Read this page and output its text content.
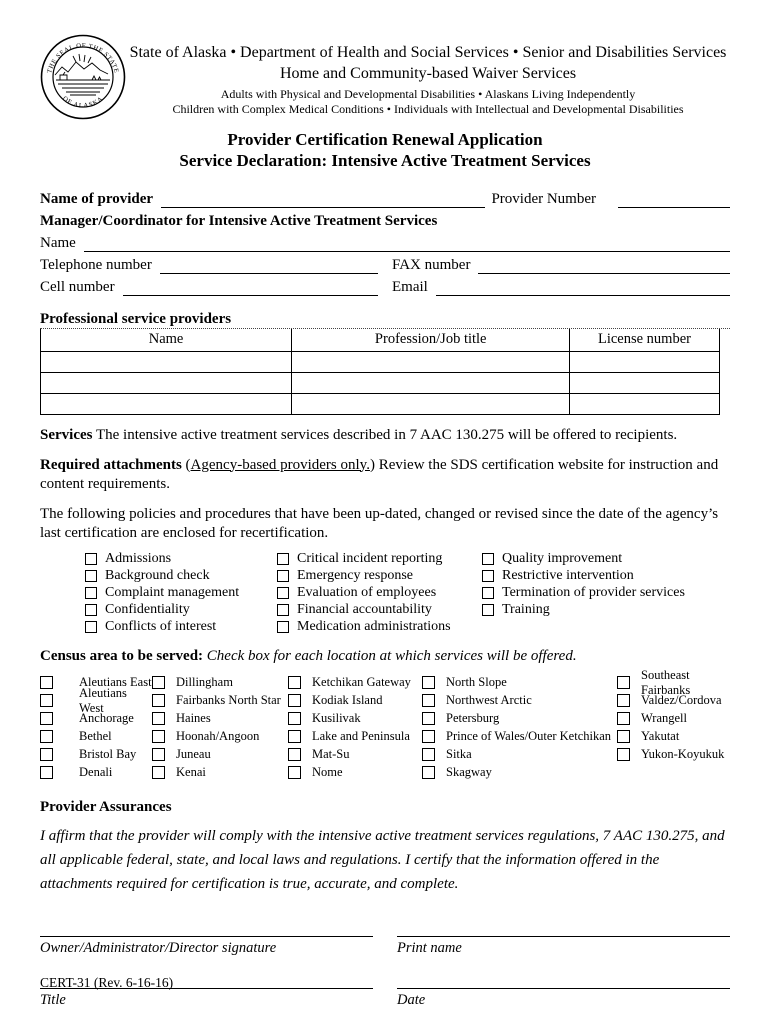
THE SEAL OF THE STATE
OF ALASKA
State of Alaska • Department of Health and Social Services • Senior and Disabilities Services
Home and Community-based Waiver Services
Adults with Physical and Developmental Disabilities • Alaskans Living Independently
Children with Complex Medical Conditions • Individuals with Intellectual and Developmental Disabilities
Provider Certification Renewal Application
Service Declaration: Intensive Active Treatment Services
Name of provider	Provider Number
Manager/Coordinator for Intensive Active Treatment Services
Name
Telephone number	FAX number
Cell number	Email
Professional service providers
Name	Profession/Job title	License number

Services The intensive active treatment services described in 7 AAC 130.275 will be offered to recipients.
Required attachments (Agency-based providers only.) Review the SDS certification website for instruction and content requirements.
The following policies and procedures that have been up-dated, changed or revised since the date of the agency’s last certification are enclosed for recertification.
Admissions
Background check
Complaint management
Confidentiality
Conflicts of interest
Critical incident reporting
Emergency response
Evaluation of employees
Financial accountability
Medication administrations
Quality improvement
Restrictive intervention
Termination of provider services
Training
Census area to be served: Check box for each location at which services will be offered.
Aleutians East
Aleutians West
Anchorage
Bethel
Bristol Bay
Denali
Dillingham
Fairbanks North Star
Haines
Hoonah/Angoon
Juneau
Kenai
Ketchikan Gateway
Kodiak Island
Kusilivak
Lake and Peninsula
Mat-Su
Nome
North Slope
Northwest Arctic
Petersburg
Prince of Wales/Outer Ketchikan
Sitka
Skagway
Southeast Fairbanks
Valdez/Cordova
Wrangell
Yakutat
Yukon-Koyukuk
Provider Assurances
I affirm that the provider will comply with the intensive active treatment services regulations, 7 AAC 130.275, and all applicable federal, state, and local laws and regulations. I certify that the information offered in the attachments required for certification is true, accurate, and complete.
Owner/Administrator/Director signature	Print name
Title	Date
CERT-31 (Rev. 6-16-16)
